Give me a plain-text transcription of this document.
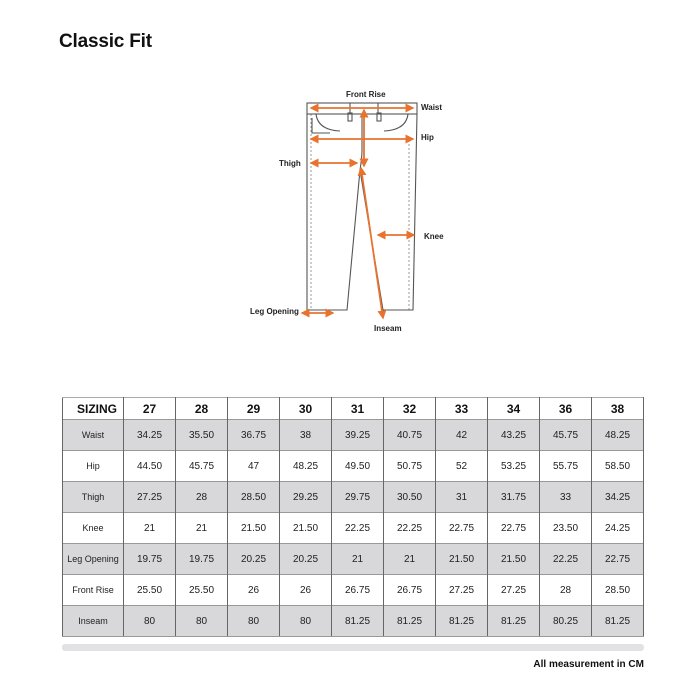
Classic Fit
Front Rise
Waist
Hip
Thigh
Knee
Leg Opening
Inseam
SIZING	27	28	29	30	31	32	33	34	36	38
Waist	34.25	35.50	36.75	38	39.25	40.75	42	43.25	45.75	48.25
Hip	44.50	45.75	47	48.25	49.50	50.75	52	53.25	55.75	58.50
Thigh	27.25	28	28.50	29.25	29.75	30.50	31	31.75	33	34.25
Knee	21	21	21.50	21.50	22.25	22.25	22.75	22.75	23.50	24.25
Leg Opening	19.75	19.75	20.25	20.25	21	21	21.50	21.50	22.25	22.75
Front Rise	25.50	25.50	26	26	26.75	26.75	27.25	27.25	28	28.50
Inseam	80	80	80	80	81.25	81.25	81.25	81.25	80.25	81.25
All measurement in CM
